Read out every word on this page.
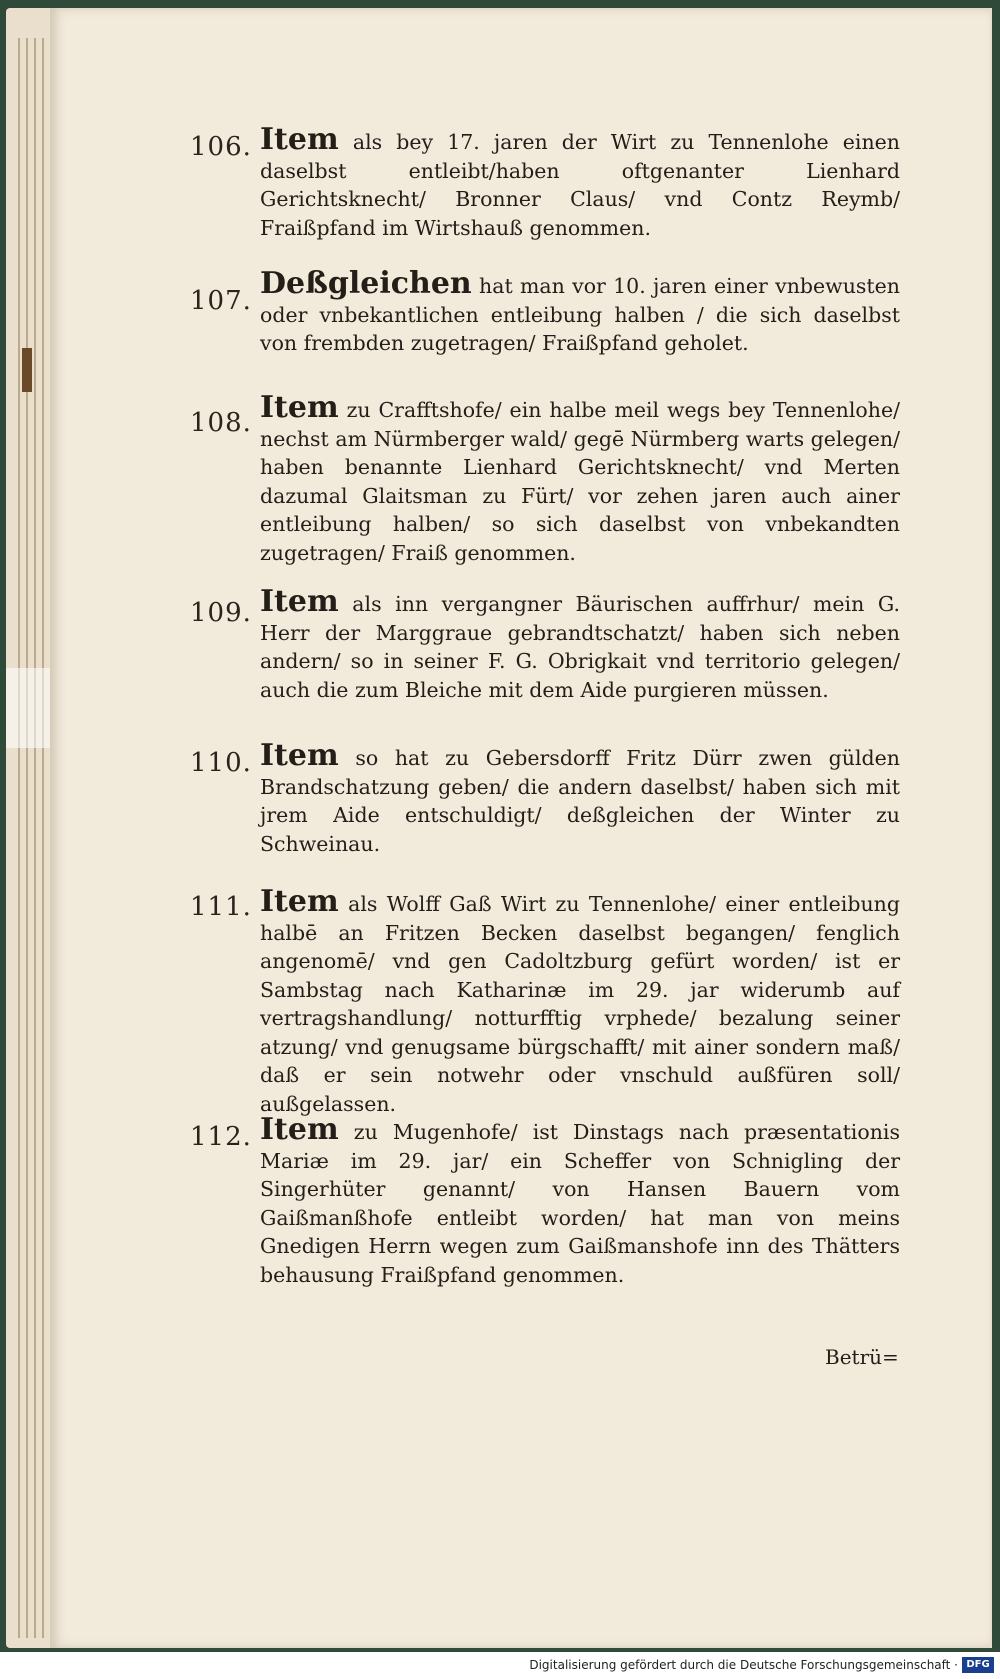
106. Item als bey 17. jaren der Wirt zu Tennenlohe einen daselbst entleibt/haben oftgenanter Lienhard Gerichtsknecht/ Bronner Claus/ vnd Contz Reymb/ Fraißpfand im Wirtshauß genommen.

107. Deßgleichen hat man vor 10. jaren einer vnbewusten oder vnbekantlichen entleibung halben / die sich daselbst von frembden zugetragen/ Fraißpfand geholet.

108. Item zu Crafftshofe/ ein halbe meil wegs bey Tennenlohe/ nechst am Nürmberger wald/ gegē Nürmberg warts gelegen/ haben benannte Lienhard Gerichtsknecht/ vnd Merten dazumal Glaitsman zu Fürt/ vor zehen jaren auch ainer entleibung halben/ so sich daselbst von vnbekandten zugetragen/ Fraiß genommen.

109. Item als inn vergangner Bäurischen auffrhur/ mein G. Herr der Marggraue gebrandtschatzt/ haben sich neben andern/ so in seiner F. G. Obrigkait vnd territorio gelegen/ auch die zum Bleiche mit dem Aide purgieren müssen.

110. Item so hat zu Gebersdorff Fritz Dürr zwen gülden Brandschatzung geben/ die andern daselbst/ haben sich mit jrem Aide entschuldigt/ deßgleichen der Winter zu Schweinau.

111. Item als Wolff Gaß Wirt zu Tennenlohe/ einer entleibung halbē an Fritzen Becken daselbst begangen/ fenglich angenomē/ vnd gen Cadoltzburg gefürt worden/ ist er Sambstag nach Katharinæ im 29. jar widerumb auf vertragshandlung/ notturfftig vrphede/ bezalung seiner atzung/ vnd genugsame bürgschafft/ mit ainer sondern maß/ daß er sein notwehr oder vnschuld außfüren soll/ außgelassen.

112. Item zu Mugenhofe/ ist Dinstags nach præsentationis Mariæ im 29. jar/ ein Scheffer von Schnigling der Singerhüter genannt/ von Hansen Bauern vom Gaißmanßhofe entleibt worden/ hat man von meins Gnedigen Herrn wegen zum Gaißmanshofe inn des Thätters behausung Fraißpfand genommen.

Betrü=
Digitalisierung gefördert durch die Deutsche Forschungsgemeinschaft · DFG
